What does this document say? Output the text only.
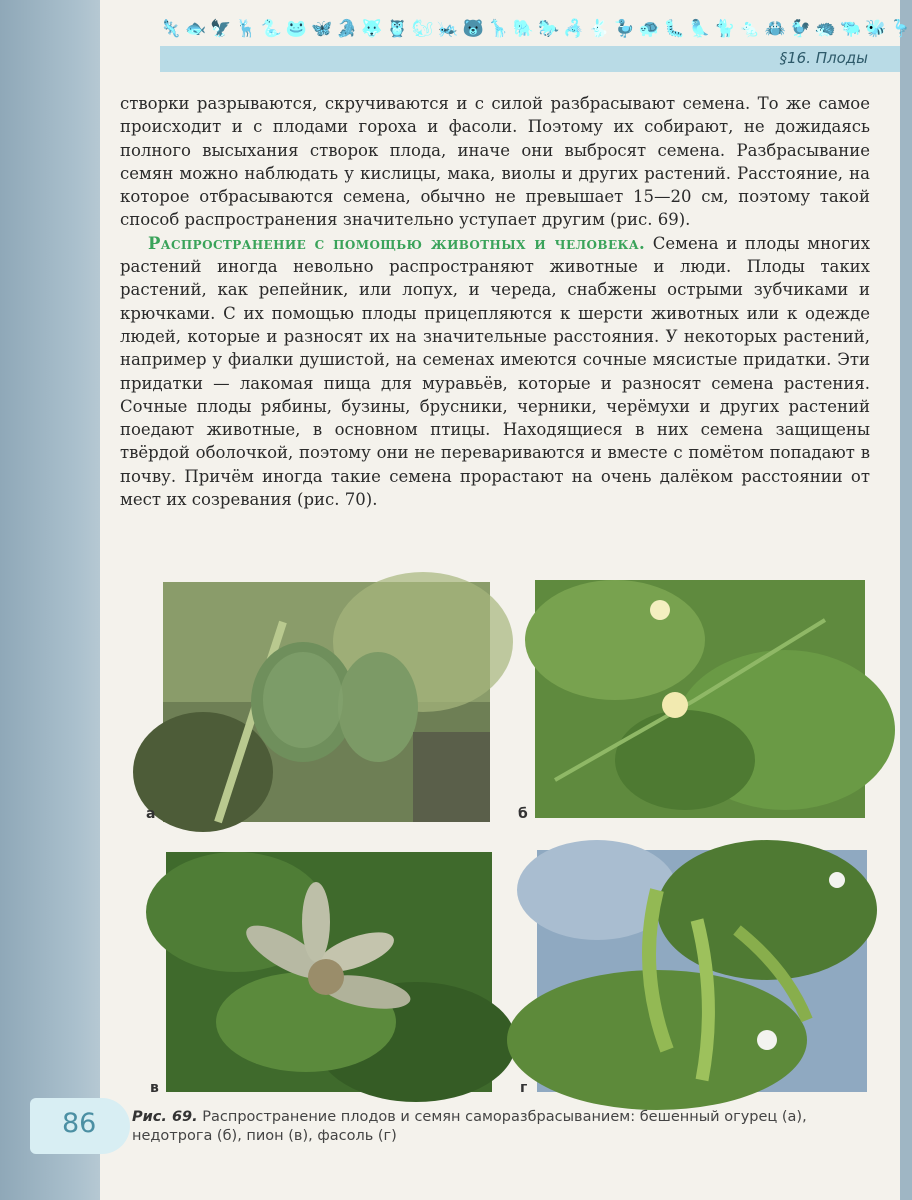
🦎 🐟 🦅 🦌 🐍 🐸 🦋 🐊 🐺 🦉 🐿 🦗 🐻 🦒 🐘 🐎 🦂 🐇 🦆 🐢 🐛 🦜 🐈 🐁 🦀 🐓 🦔 🐃 🐝 🦩
§16. Плоды

створки разрываются, скручиваются и с силой разбрасывают семена. То же самое происходит и с плодами гороха и фасоли. Поэтому их собирают, не дожидаясь полного высыхания створок плода, иначе они выбросят семена. Разбрасывание семян можно наблюдать у кислицы, мака, виолы и других растений. Расстояние, на которое отбрасываются семена, обычно не превышает 15—20 см, поэтому такой способ распространения значительно уступает другим (рис. 69).

Распространение с помощью животных и человека. Семена и плоды многих растений иногда невольно распространяют животные и люди. Плоды таких растений, как репейник, или лопух, и череда, снабжены острыми зубчиками и крючками. С их помощью плоды прицепляются к шерсти животных или к одежде людей, которые и разносят их на значительные расстояния. У некоторых растений, например у фиалки душистой, на семенах имеются сочные мясистые придатки. Эти придатки — лакомая пища для муравьёв, которые и разносят семена растения. Сочные плоды рябины, бузины, брусники, черники, черёмухи и других растений поедают животные, в основном птицы. Находящиеся в них семена защищены твёрдой оболочкой, поэтому они не переваpиваются и вместе с помётом попадают в почву. Причём иногда такие семена прорастают на очень далёком расстоянии от мест их созревания (рис. 70).

а	б
в	г
86 Рис. 69. Распространение плодов и семян саморазбрасыванием: бешенный огурец (а), недотрога (б), пион (в), фасоль (г)
